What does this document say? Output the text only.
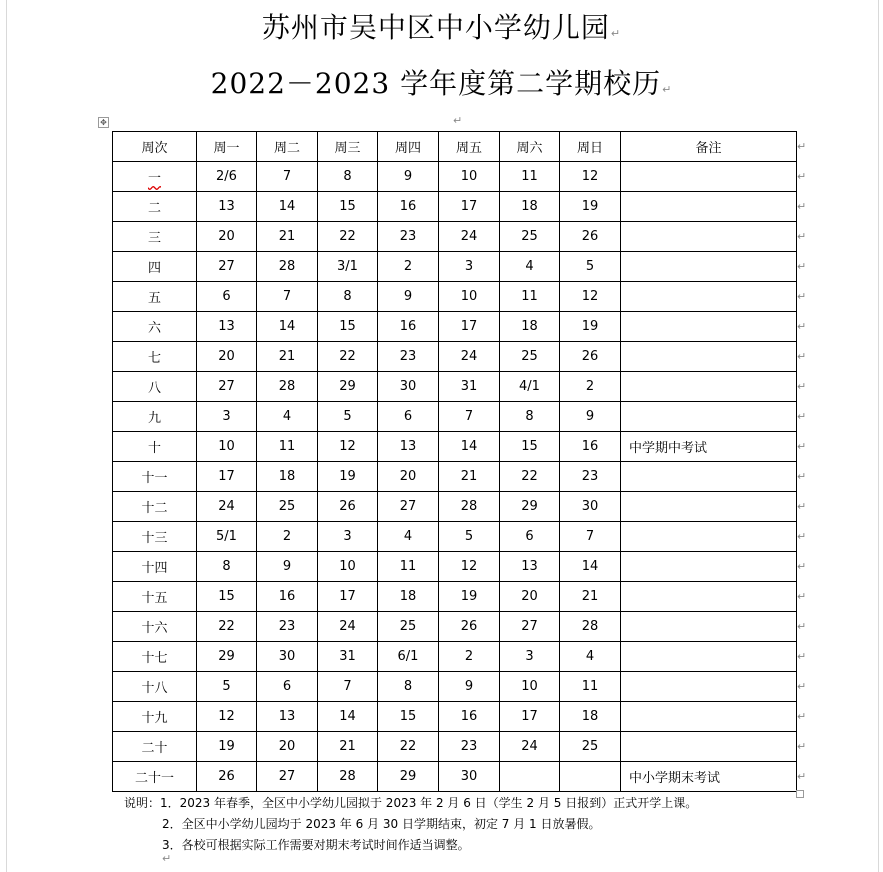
苏州市吴中区中小学幼儿园↵
2022－2023 学年度第二学期校历↵
↵
✥
周次	周一	周二	周三	周四	周五	周六	周日	备注
一	2/6	7	8	9	10	11	12	
二	13	14	15	16	17	18	19	
三	20	21	22	23	24	25	26	
四	27	28	3/1	2	3	4	5	
五	6	7	8	9	10	11	12	
六	13	14	15	16	17	18	19	
七	20	21	22	23	24	25	26	
八	27	28	29	30	31	4/1	2	
九	3	4	5	6	7	8	9	
十	10	11	12	13	14	15	16	中学期中考试
十一	17	18	19	20	21	22	23	
十二	24	25	26	27	28	29	30	
十三	5/1	2	3	4	5	6	7	
十四	8	9	10	11	12	13	14	
十五	15	16	17	18	19	20	21	
十六	22	23	24	25	26	27	28	
十七	29	30	31	6/1	2	3	4	
十八	5	6	7	8	9	10	11	
十九	12	13	14	15	16	17	18	
二十	19	20	21	22	23	24	25	
二十一	26	27	28	29	30			中小学期末考试
↵
↵
↵
↵
↵
↵
↵
↵
↵
↵
↵
↵
↵
↵
↵
↵
↵
↵
↵
↵
↵
↵
说明：1．2023 年春季，全区中小学幼儿园拟于 2023 年 2 月 6 日（学生 2 月 5 日报到）正式开学上课。
2．全区中小学幼儿园均于 2023 年 6 月 30 日学期结束，初定 7 月 1 日放暑假。
3．各校可根据实际工作需要对期末考试时间作适当调整。
↵
